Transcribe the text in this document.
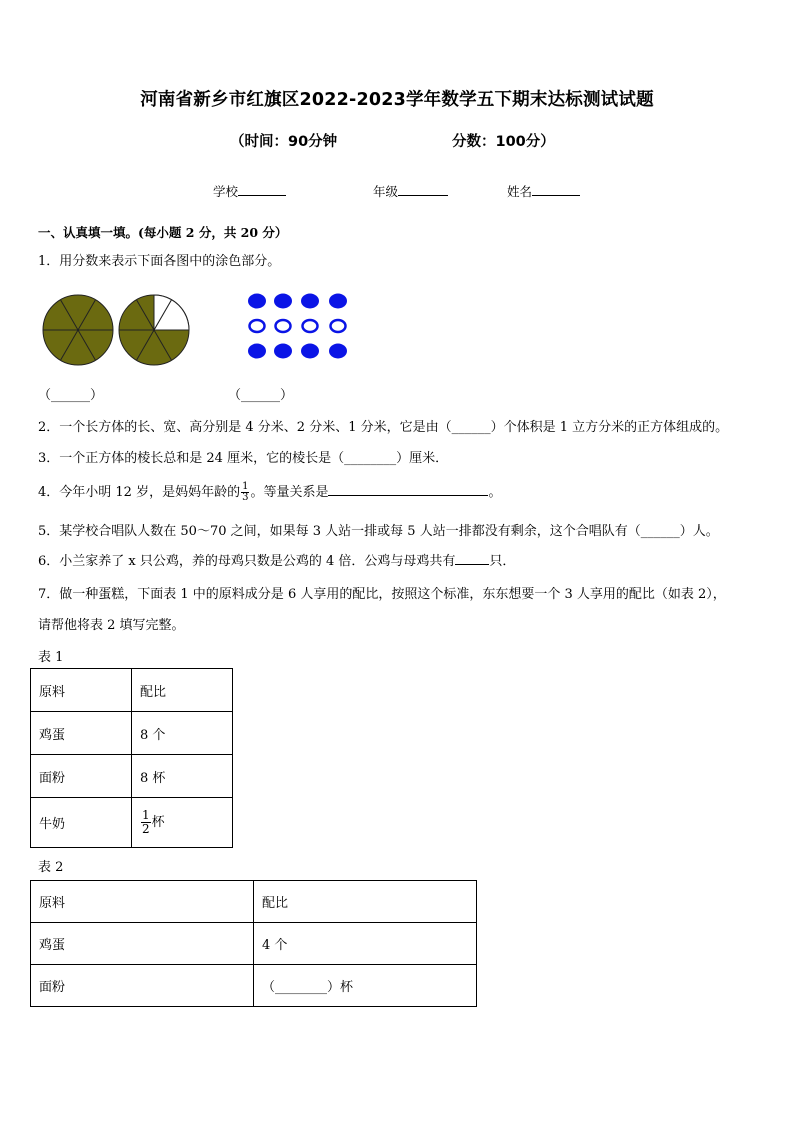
河南省新乡市红旗区2022-2023学年数学五下期末达标测试试题
（时间：90分钟	分数：100分）
学校	年级	姓名
一、认真填一填。(每小题 2 分，共 20 分）
1．用分数来表示下面各图中的涂色部分。
（______）	（______）
2．一个长方体的长、宽、高分别是 4 分米、2 分米、1 分米，它是由（______）个体积是 1 立方分米的正方体组成的。
3．一个正方体的棱长总和是 24 厘米，它的棱长是（________）厘米．
4．今年小明 12 岁，是妈妈年龄的 $\frac{1}{3}$ 。等量关系是	。
5．某学校合唱队人数在 50～70 之间，如果每 3 人站一排或每 5 人站一排都没有剩余，这个合唱队有（______）人。
6．小兰家养了 x 只公鸡，养的母鸡只数是公鸡的 4 倍．公鸡与母鸡共有	只．
7．做一种蛋糕，下面表 1 中的原料成分是 6 人享用的配比，按照这个标准，东东想要一个 3 人享用的配比（如表 2），
请帮他将表 2 填写完整。
表 1
原料	配比
鸡蛋	8 个
面粉	8 杯
牛奶	$\frac{1}{2}$ 杯
表 2
原料	配比
鸡蛋	4 个
面粉	（________）杯
